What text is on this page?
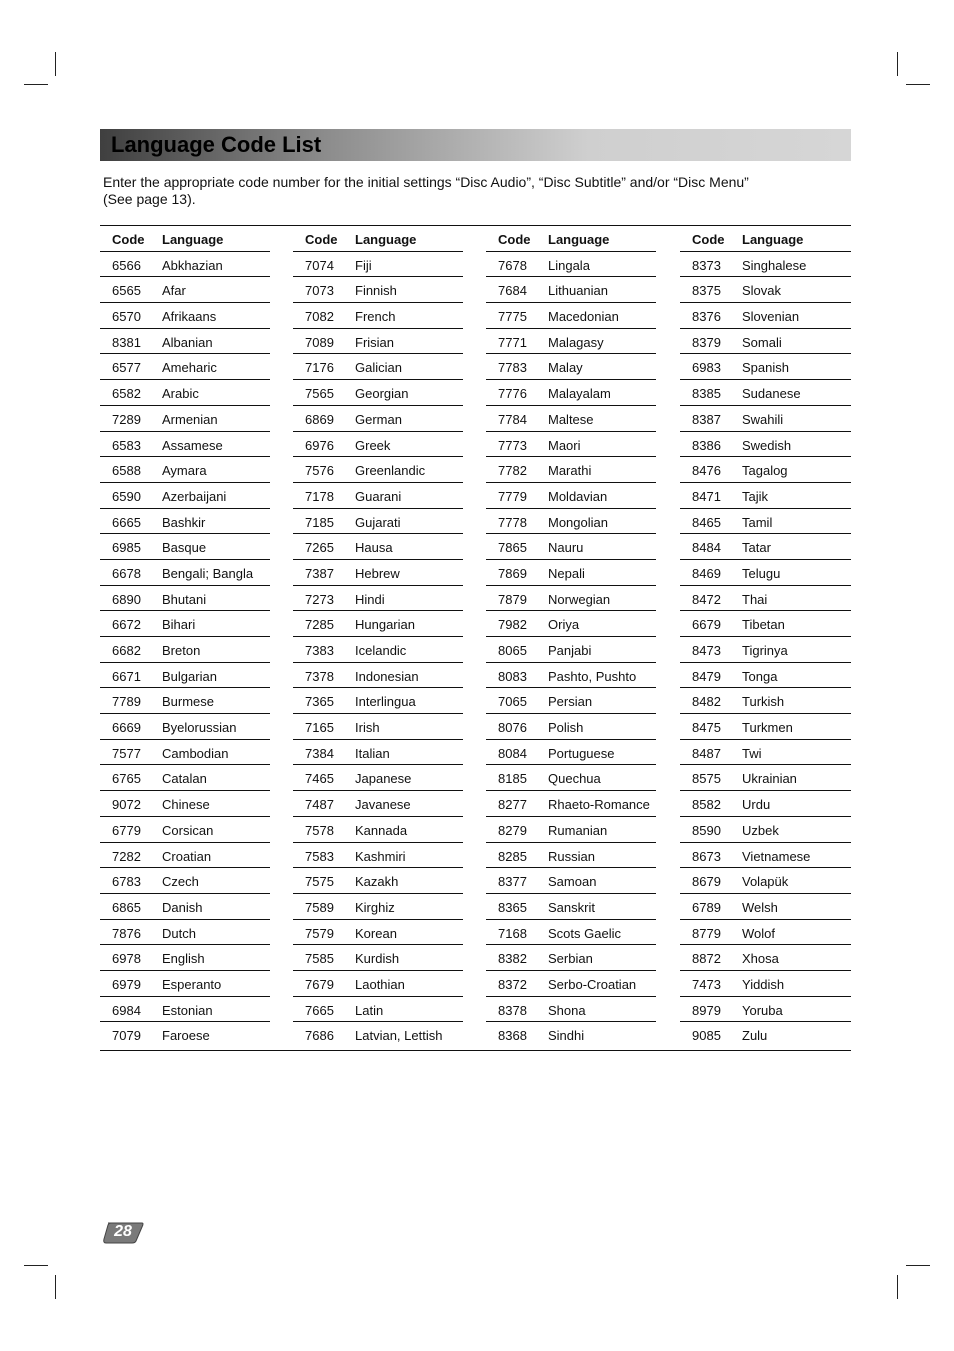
Language Code List
Enter the appropriate code number for the initial settings “Disc Audio”, “Disc Subtitle” and/or “Disc Menu”
(See page 13).
Code Language
6566 Abkhazian
6565 Afar
6570 Afrikaans
8381 Albanian
6577 Ameharic
6582 Arabic
7289 Armenian
6583 Assamese
6588 Aymara
6590 Azerbaijani
6665 Bashkir
6985 Basque
6678 Bengali; Bangla
6890 Bhutani
6672 Bihari
6682 Breton
6671 Bulgarian
7789 Burmese
6669 Byelorussian
7577 Cambodian
6765 Catalan
9072 Chinese
6779 Corsican
7282 Croatian
6783 Czech
6865 Danish
7876 Dutch
6978 English
6979 Esperanto
6984 Estonian
7079 Faroese
Code Language
7074 Fiji
7073 Finnish
7082 French
7089 Frisian
7176 Galician
7565 Georgian
6869 German
6976 Greek
7576 Greenlandic
7178 Guarani
7185 Gujarati
7265 Hausa
7387 Hebrew
7273 Hindi
7285 Hungarian
7383 Icelandic
7378 Indonesian
7365 Interlingua
7165 Irish
7384 Italian
7465 Japanese
7487 Javanese
7578 Kannada
7583 Kashmiri
7575 Kazakh
7589 Kirghiz
7579 Korean
7585 Kurdish
7679 Laothian
7665 Latin
7686 Latvian, Lettish
Code Language
7678 Lingala
7684 Lithuanian
7775 Macedonian
7771 Malagasy
7783 Malay
7776 Malayalam
7784 Maltese
7773 Maori
7782 Marathi
7779 Moldavian
7778 Mongolian
7865 Nauru
7869 Nepali
7879 Norwegian
7982 Oriya
8065 Panjabi
8083 Pashto, Pushto
7065 Persian
8076 Polish
8084 Portuguese
8185 Quechua
8277 Rhaeto-Romance
8279 Rumanian
8285 Russian
8377 Samoan
8365 Sanskrit
7168 Scots Gaelic
8382 Serbian
8372 Serbo-Croatian
8378 Shona
8368 Sindhi
Code Language
8373 Singhalese
8375 Slovak
8376 Slovenian
8379 Somali
6983 Spanish
8385 Sudanese
8387 Swahili
8386 Swedish
8476 Tagalog
8471 Tajik
8465 Tamil
8484 Tatar
8469 Telugu
8472 Thai
6679 Tibetan
8473 Tigrinya
8479 Tonga
8482 Turkish
8475 Turkmen
8487 Twi
8575 Ukrainian
8582 Urdu
8590 Uzbek
8673 Vietnamese
8679 Volapük
6789 Welsh
8779 Wolof
8872 Xhosa
7473 Yiddish
8979 Yoruba
9085 Zulu
28
